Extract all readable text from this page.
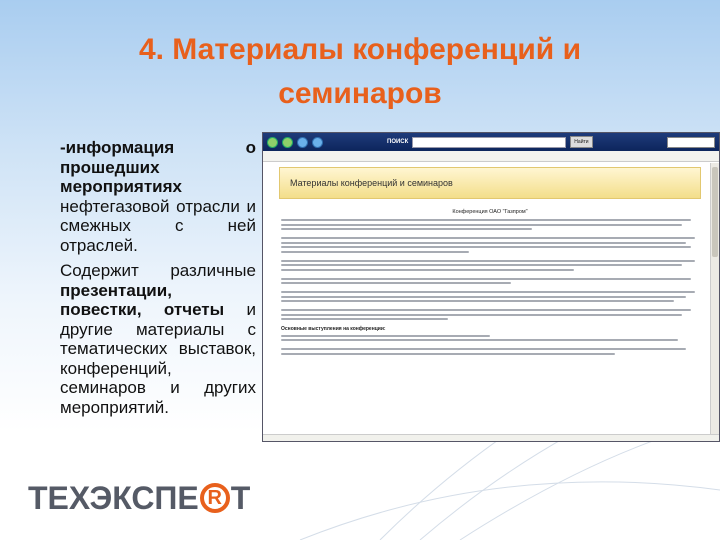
4. Материалы конференций и
семинаров

-информация о прошедших мероприятиях нефтегазовой отрасли и смежных с ней отраслей.

Содержит различные презентации, повестки, отчеты и другие материалы с тематических выставок, конференций, семинаров и других мероприятий.

ПОИСК	Найти
Материалы конференций и семинаров
Конференция ОАО "Газпром"
Основные выступления на конференции:
ТЕХЭКСПЕ R Т
